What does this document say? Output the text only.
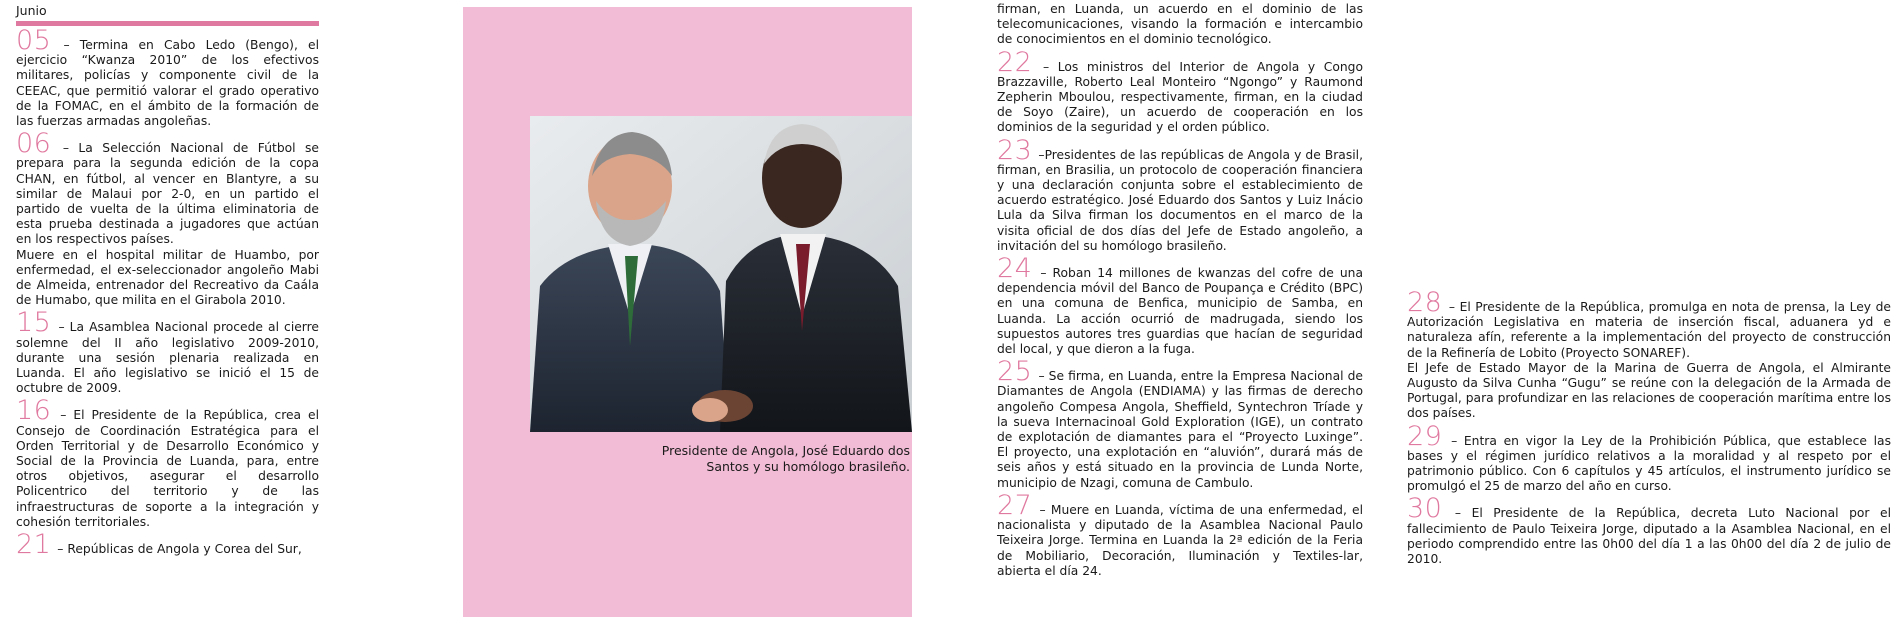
Junio

05 – Termina en Cabo Ledo (Bengo), el ejercicio “Kwanza 2010” de los efectivos militares, policías y componente civil de la CEEAC, que permitió valorar el grado operativo de la FOMAC, en el ámbito de la formación de las fuerzas armadas angoleñas.

06 – La Selección Nacional de Fútbol se prepara para la segunda edición de la copa CHAN, en fútbol, al vencer en Blantyre, a su similar de Malaui por 2-0, en un partido el partido de vuelta de la última eliminatoria de esta prueba destinada a jugadores que actúan en los respectivos países.

Muere en el hospital militar de Huambo, por enfermedad, el ex-seleccionador angoleño Mabi de Almeida, entrenador del Recreativo da Caála de Humabo, que milita en el Girabola 2010.

15 – La Asamblea Nacional procede al cierre solemne del II año legislativo 2009-2010, durante una sesión plenaria realizada en Luanda. El año legislativo se inició el 15 de octubre de 2009.

16 – El Presidente de la República, crea el Consejo de Coordinación Estratégica para el Orden Territorial y de Desarrollo Económico y Social de la Provincia de Luanda, para, entre otros objetivos, asegurar el desarrollo Policentrico del territorio y de las infraestructuras de soporte a la integración y cohesión territoriales.

21 – Repúblicas de Angola y Corea del Sur,

Presidente de Angola, José Eduardo dos Santos y su homólogo brasileño.

firman, en Luanda, un acuerdo en el dominio de las telecomunicaciones, visando la formación e intercambio de conocimientos en el dominio tecnológico.

22 – Los ministros del Interior de Angola y Congo Brazzaville, Roberto Leal Monteiro “Ngongo” y Raumond Zepherin Mboulou, respectivamente, firman, en la ciudad de Soyo (Zaire), un acuerdo de cooperación en los dominios de la seguridad y el orden público.

23 –Presidentes de las repúblicas de Angola y de Brasil, firman, en Brasilia, un protocolo de cooperación financiera y una declaración conjunta sobre el establecimiento de acuerdo estratégico. José Eduardo dos Santos y Luiz Inácio Lula da Silva firman los documentos en el marco de la visita oficial de dos días del Jefe de Estado angoleño, a invitación del su homólogo brasileño.

24 – Roban 14 millones de kwanzas del cofre de una dependencia móvil del Banco de Poupança e Crédito (BPC) en una comuna de Benfica, municipio de Samba, en Luanda. La acción ocurrió de madrugada, siendo los supuestos autores tres guardias que hacían de seguridad del local, y que dieron a la fuga.

25 – Se firma, en Luanda, entre la Empresa Nacional de Diamantes de Angola (ENDIAMA) y las firmas de derecho angoleño Compesa Angola, Sheffield, Syntechron Tríade y la sueva Internacinoal Gold Exploration (IGE), un contrato de explotación de diamantes para el “Proyecto Luxinge”. El proyecto, una explotación en “aluvión”, durará más de seis años y está situado en la provincia de Lunda Norte, municipio de Nzagi, comuna de Cambulo.

27 – Muere en Luanda, víctima de una enfermedad, el nacionalista y diputado de la Asamblea Nacional Paulo Teixeira Jorge. Termina en Luanda la 2ª edición de la Feria de Mobiliario, Decoración, Iluminación y Textiles-lar, abierta el día 24.

28 – El Presidente de la República, promulga en nota de prensa, la Ley de Autorización Legislativa en materia de inserción fiscal, aduanera yd e naturaleza afín, referente a la implementación del proyecto de construcción de la Refinería de Lobito (Proyecto SONAREF).

El Jefe de Estado Mayor de la Marina de Guerra de Angola, el Almirante Augusto da Silva Cunha “Gugu” se reúne con la delegación de la Armada de Portugal, para profundizar en las relaciones de cooperación marítima entre los dos países.

29 – Entra en vigor la Ley de la Prohibición Pública, que establece las bases y el régimen jurídico relativos a la moralidad y al respeto por el patrimonio público. Con 6 capítulos y 45 artículos, el instrumento jurídico se promulgó el 25 de marzo del año en curso.

30 – El Presidente de la República, decreta Luto Nacional por el fallecimiento de Paulo Teixeira Jorge, diputado a la Asamblea Nacional, en el periodo comprendido entre las 0h00 del día 1 a las 0h00 del día 2 de julio de 2010.
